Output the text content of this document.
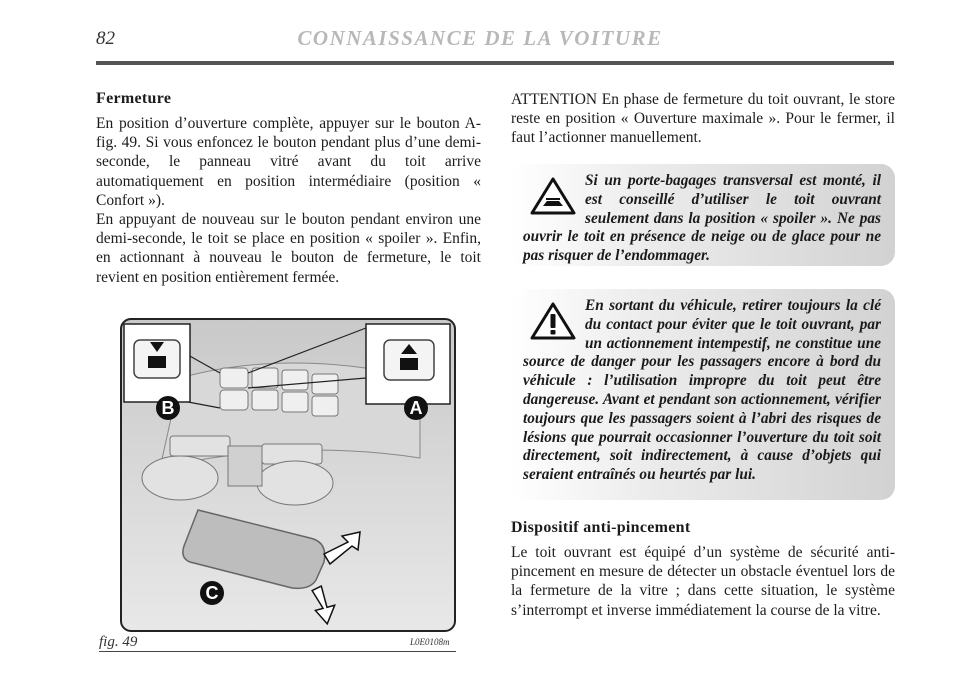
82	CONNAISSANCE DE LA VOITURE
Fermeture

En position d’ouverture complète, appuyer sur le bouton A-fig. 49. Si vous enfoncez le bouton pendant plus d’une demi-seconde, le panneau vitré avant du toit arrive automatiquement en position intermédiaire (position « Confort »).

En appuyant de nouveau sur le bouton pendant environ une demi-seconde, le toit se place en position « spoiler ». Enfin, en actionnant à nouveau le bouton de fermeture, le toit revient en position entièrement fermée.

B	A
C
fig. 49	L0E0108m

ATTENTION En phase de fermeture du toit ouvrant, le store reste en position « Ouverture maximale ». Pour le fermer, il faut l’actionner manuellement.

Si un porte-bagages transversal est monté, il est conseillé d’utiliser le toit ouvrant seulement dans la position « spoiler ». Ne pas ouvrir le toit en présence de neige ou de glace pour ne pas risquer de l’endommager.
En sortant du véhicule, retirer toujours la clé du contact pour éviter que le toit ouvrant, par un actionnement intempestif, ne constitue une source de danger pour les passagers encore à bord du véhicule : l’utilisation impropre du toit peut être dangereuse. Avant et pendant son actionnement, vérifier toujours que les passagers soient à l’abri des risques de lésions que pourrait occasionner l’ouverture du toit soit directement, soit indirectement, à cause d’objets qui seraient entraînés ou heurtés par lui.
Dispositif anti-pincement

Le toit ouvrant est équipé d’un système de sécurité anti-pincement en mesure de détecter un obstacle éventuel lors de la fermeture de la vitre ; dans cette situation, le système s’interrompt et inverse immédiatement la course de la vitre.
